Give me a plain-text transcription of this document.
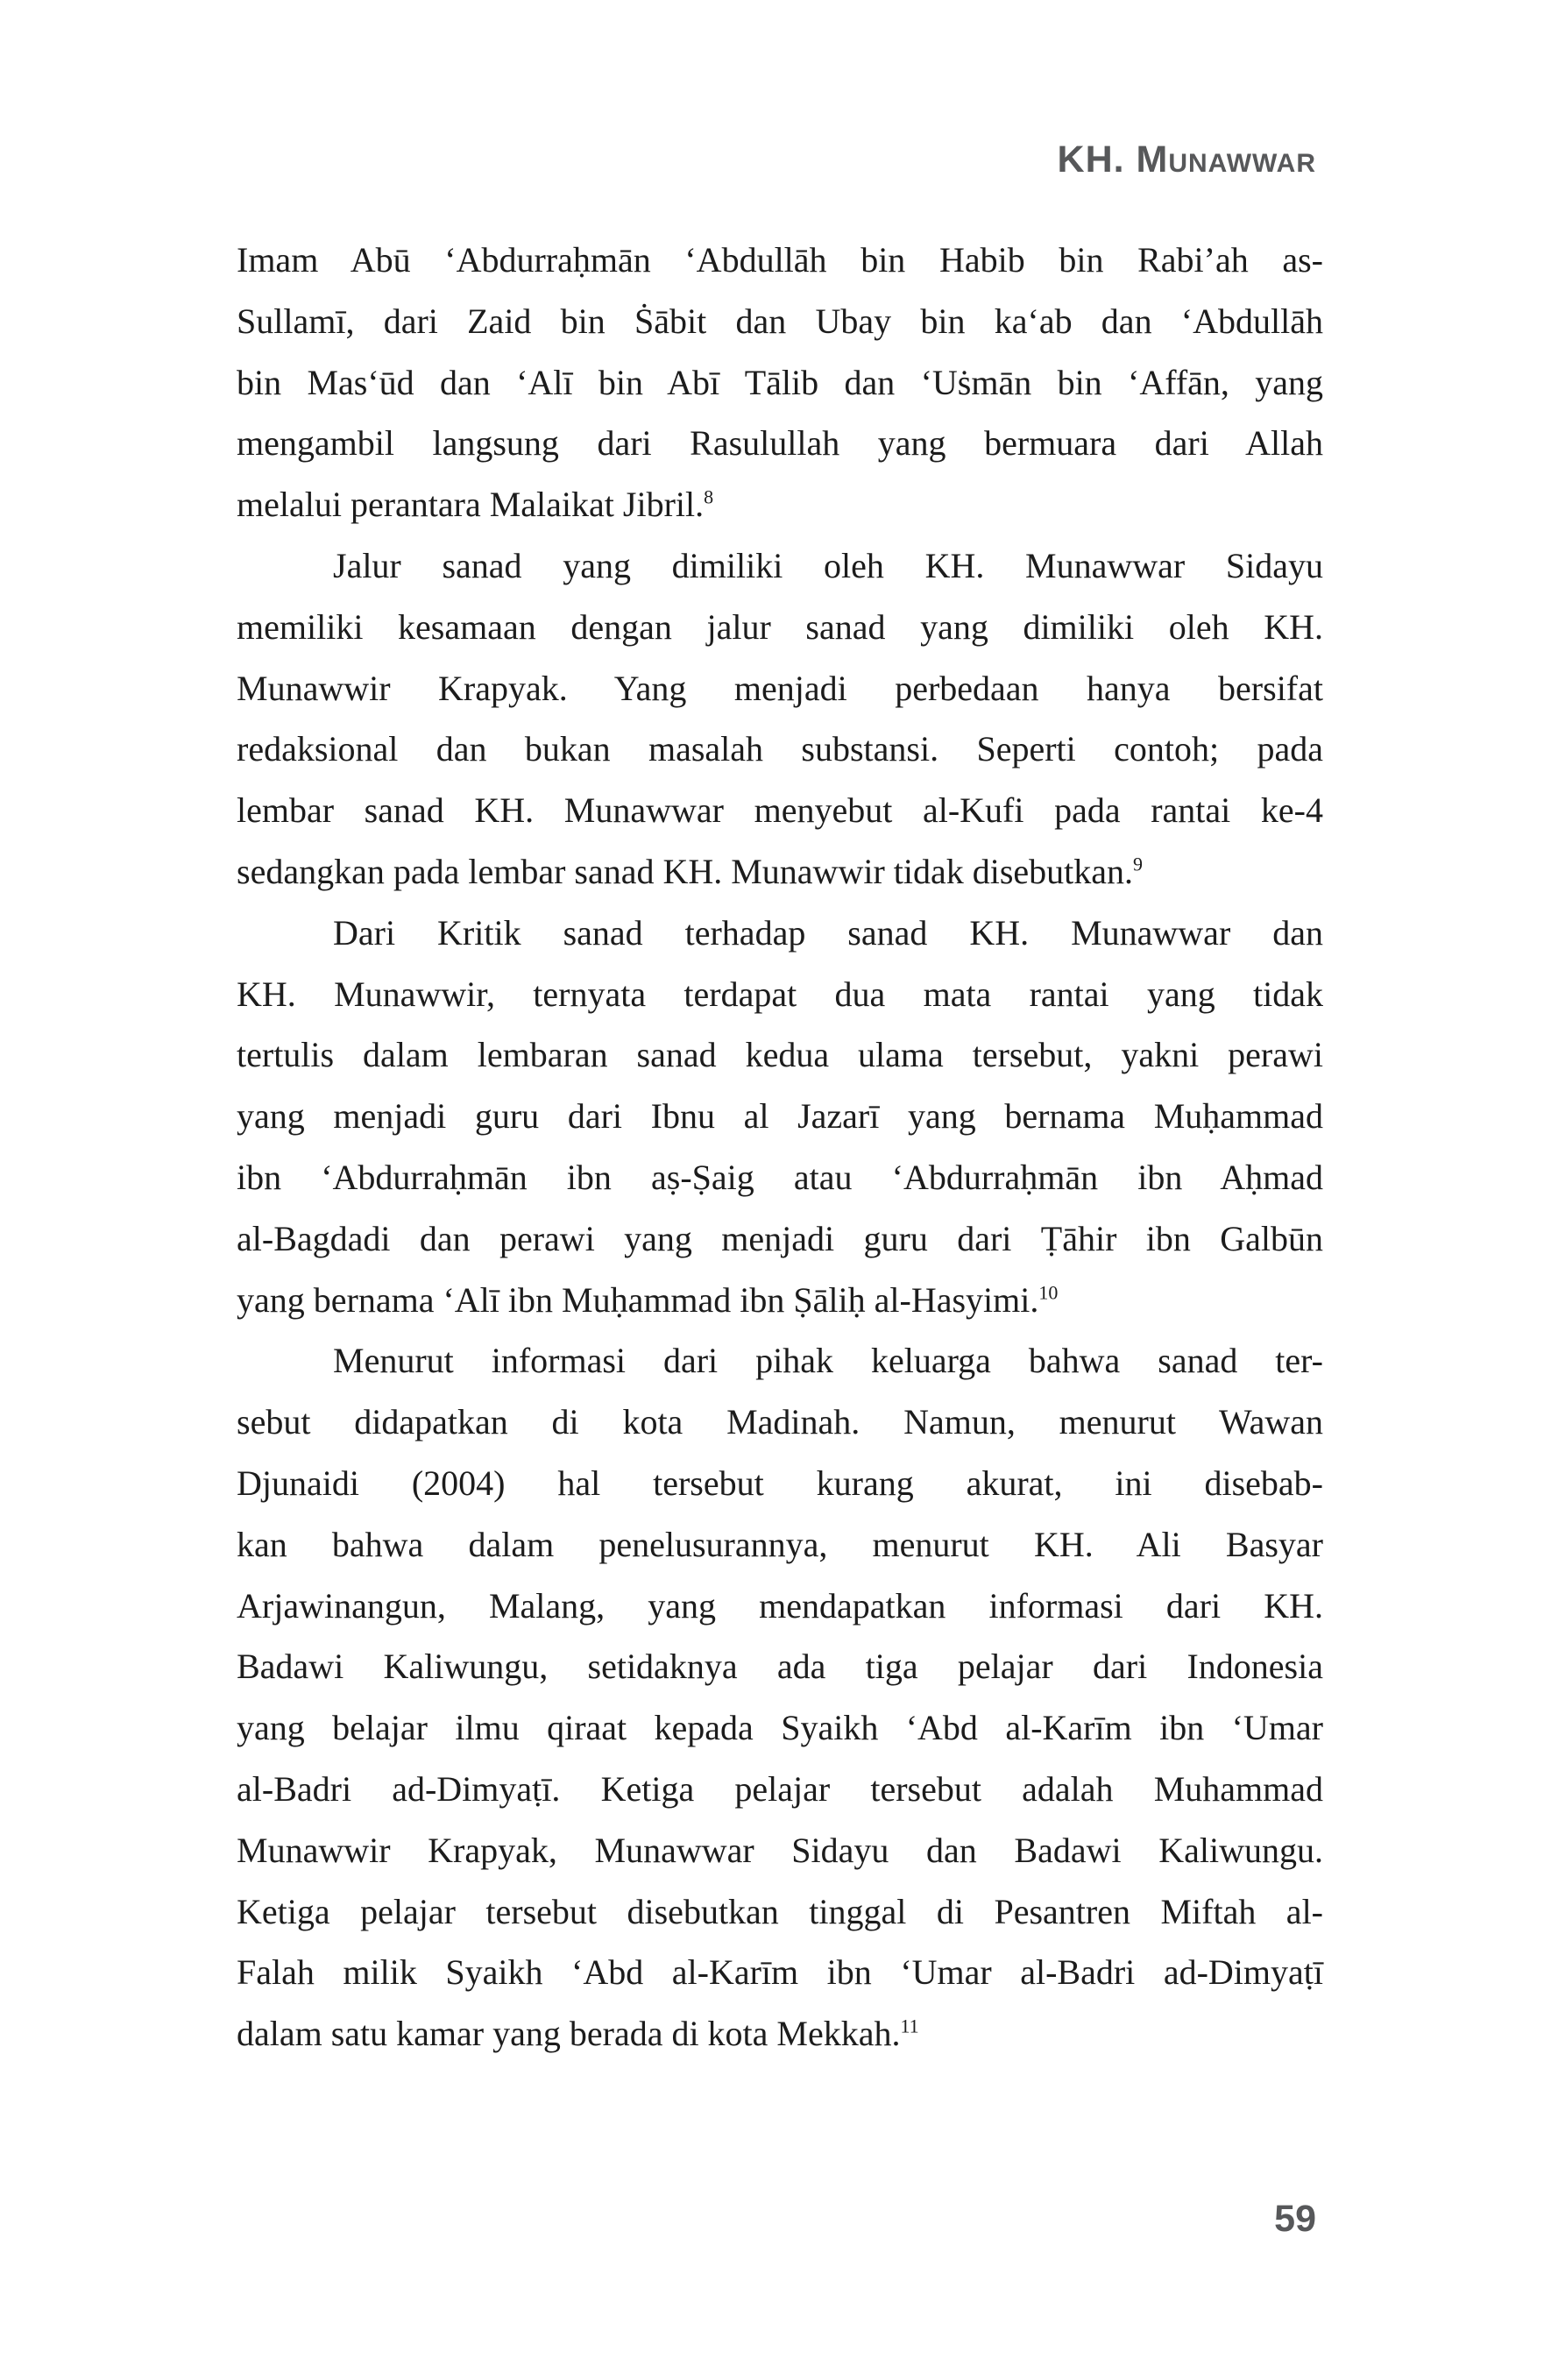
KH. Munawwar
Imam Abū ‘Abdurraḥmān ‘Abdullāh bin Habib bin Rabi’ah as-
Sullamī, dari Zaid bin Ṡābit dan Ubay bin ka‘ab dan ‘Abdullāh
bin Mas‘ūd dan ‘Alī bin Abī Tālib dan ‘Uṡmān bin ‘Affān, yang
mengambil langsung dari Rasulullah yang bermuara dari Allah
melalui perantara Malaikat Jibril.$^8$
Jalur sanad yang dimiliki oleh KH. Munawwar Sidayu
memiliki kesamaan dengan jalur sanad yang dimiliki oleh KH.
Munawwir Krapyak. Yang menjadi perbedaan hanya bersifat
redaksional dan bukan masalah substansi. Seperti contoh; pada
lembar sanad KH. Munawwar menyebut al-Kufi pada rantai ke-4
sedangkan pada lembar sanad KH. Munawwir tidak disebutkan.$^9$
Dari Kritik sanad terhadap sanad KH. Munawwar dan
KH. Munawwir, ternyata terdapat dua mata rantai yang tidak
tertulis dalam lembaran sanad kedua ulama tersebut, yakni perawi
yang menjadi guru dari Ibnu al Jazarī yang bernama Muḥammad
ibn ‘Abdurraḥmān ibn aṣ-Ṣaig atau ‘Abdurraḥmān ibn Aḥmad
al-Bagdadi dan perawi yang menjadi guru dari Ṭāhir ibn Galbūn
yang bernama ‘Alī ibn Muḥammad ibn Ṣāliḥ al-Hasyimi.$^{10}$
Menurut informasi dari pihak keluarga bahwa sanad ter-
sebut didapatkan di kota Madinah. Namun, menurut Wawan
Djunaidi (2004) hal tersebut kurang akurat, ini disebab-
kan bahwa dalam penelusurannya, menurut KH. Ali Basyar
Arjawinangun, Malang, yang mendapatkan informasi dari KH.
Badawi Kaliwungu, setidaknya ada tiga pelajar dari Indonesia
yang belajar ilmu qiraat kepada Syaikh ‘Abd al-Karīm ibn ‘Umar
al-Badri ad-Dimyaṭī. Ketiga pelajar tersebut adalah Muhammad
Munawwir Krapyak, Munawwar Sidayu dan Badawi Kaliwungu.
Ketiga pelajar tersebut disebutkan tinggal di Pesantren Miftah al-
Falah milik Syaikh ‘Abd al-Karīm ibn ‘Umar al-Badri ad-Dimyaṭī
dalam satu kamar yang berada di kota Mekkah.$^{11}$
59
